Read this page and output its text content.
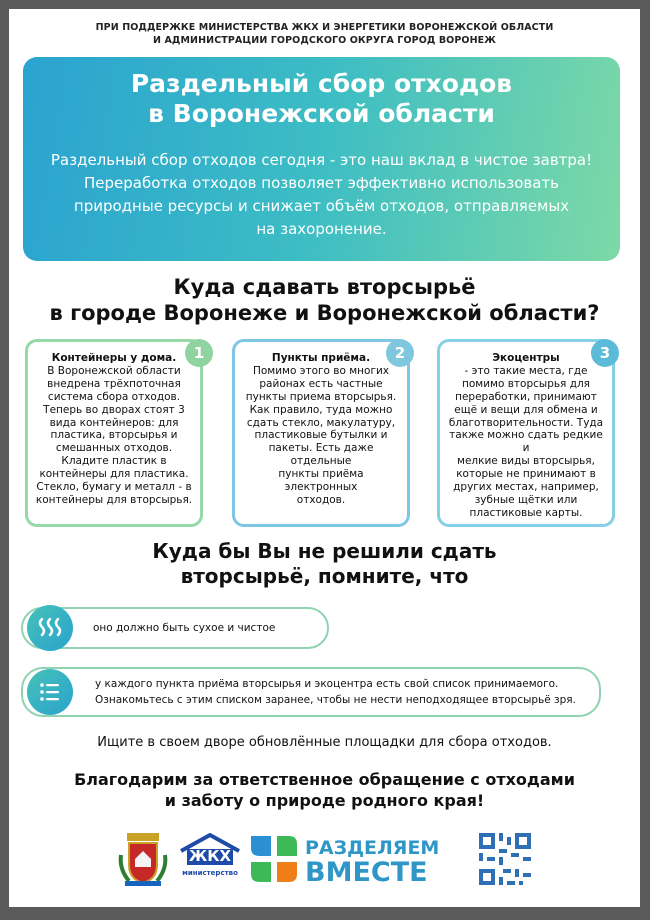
ПРИ ПОДДЕРЖКЕ МИНИСТЕРСТВА ЖКХ И ЭНЕРГЕТИКИ ВОРОНЕЖСКОЙ ОБЛАСТИ
И АДМИНИСТРАЦИИ ГОРОДСКОГО ОКРУГА ГОРОД ВОРОНЕЖ
Раздельный сбор отходов
в Воронежской области
Раздельный сбор отходов сегодня - это наш вклад в чистое завтра!
Переработка отходов позволяет эффективно использовать
природные ресурсы и снижает объём отходов, отправляемых
на захоронение.
Куда сдавать вторсырьё
в городе Воронеже и Воронежской области?
Контейнеры у дома.
В Воронежской области
внедрена трёхпоточная
система сбора отходов.
Теперь во дворах стоят 3
вида контейнеров: для
пластика, вторсырья и
смешанных отходов.
Кладите пластик в
контейнеры для пластика.
Стекло, бумагу и металл - в
контейнеры для вторсырья.
1	Пункты приёма.
Помимо этого во многих
районах есть частные
пункты приема вторсырья.
Как правило, туда можно
сдать стекло, макулатуру,
пластиковые бутылки и
пакеты. Есть даже отдельные
пункты приёма электронных
отходов.
2	Экоцентры
- это такие места, где
помимо вторсырья для
переработки, принимают
ещё и вещи для обмена и
благотворительности. Туда
также можно сдать редкие и
мелкие виды вторсырья,
которые не принимают в
других местах, например,
зубные щётки или
пластиковые карты.
3
Куда бы Вы не решили сдать
вторсырьё, помните, что
оно должно быть сухое и чистое
у каждого пункта приёма вторсырья и экоцентра есть свой список принимаемого.
Ознакомьтесь с этим списком заранее, чтобы не нести неподходящее вторсырьё зря.
Ищите в своем дворе обновлённые площадки для сбора отходов.
Благодарим за ответственное обращение с отходами
и заботу о природе родного края!
ЖКХ
министерство
РАЗДЕЛЯЕМ
ВМЕСТЕ
